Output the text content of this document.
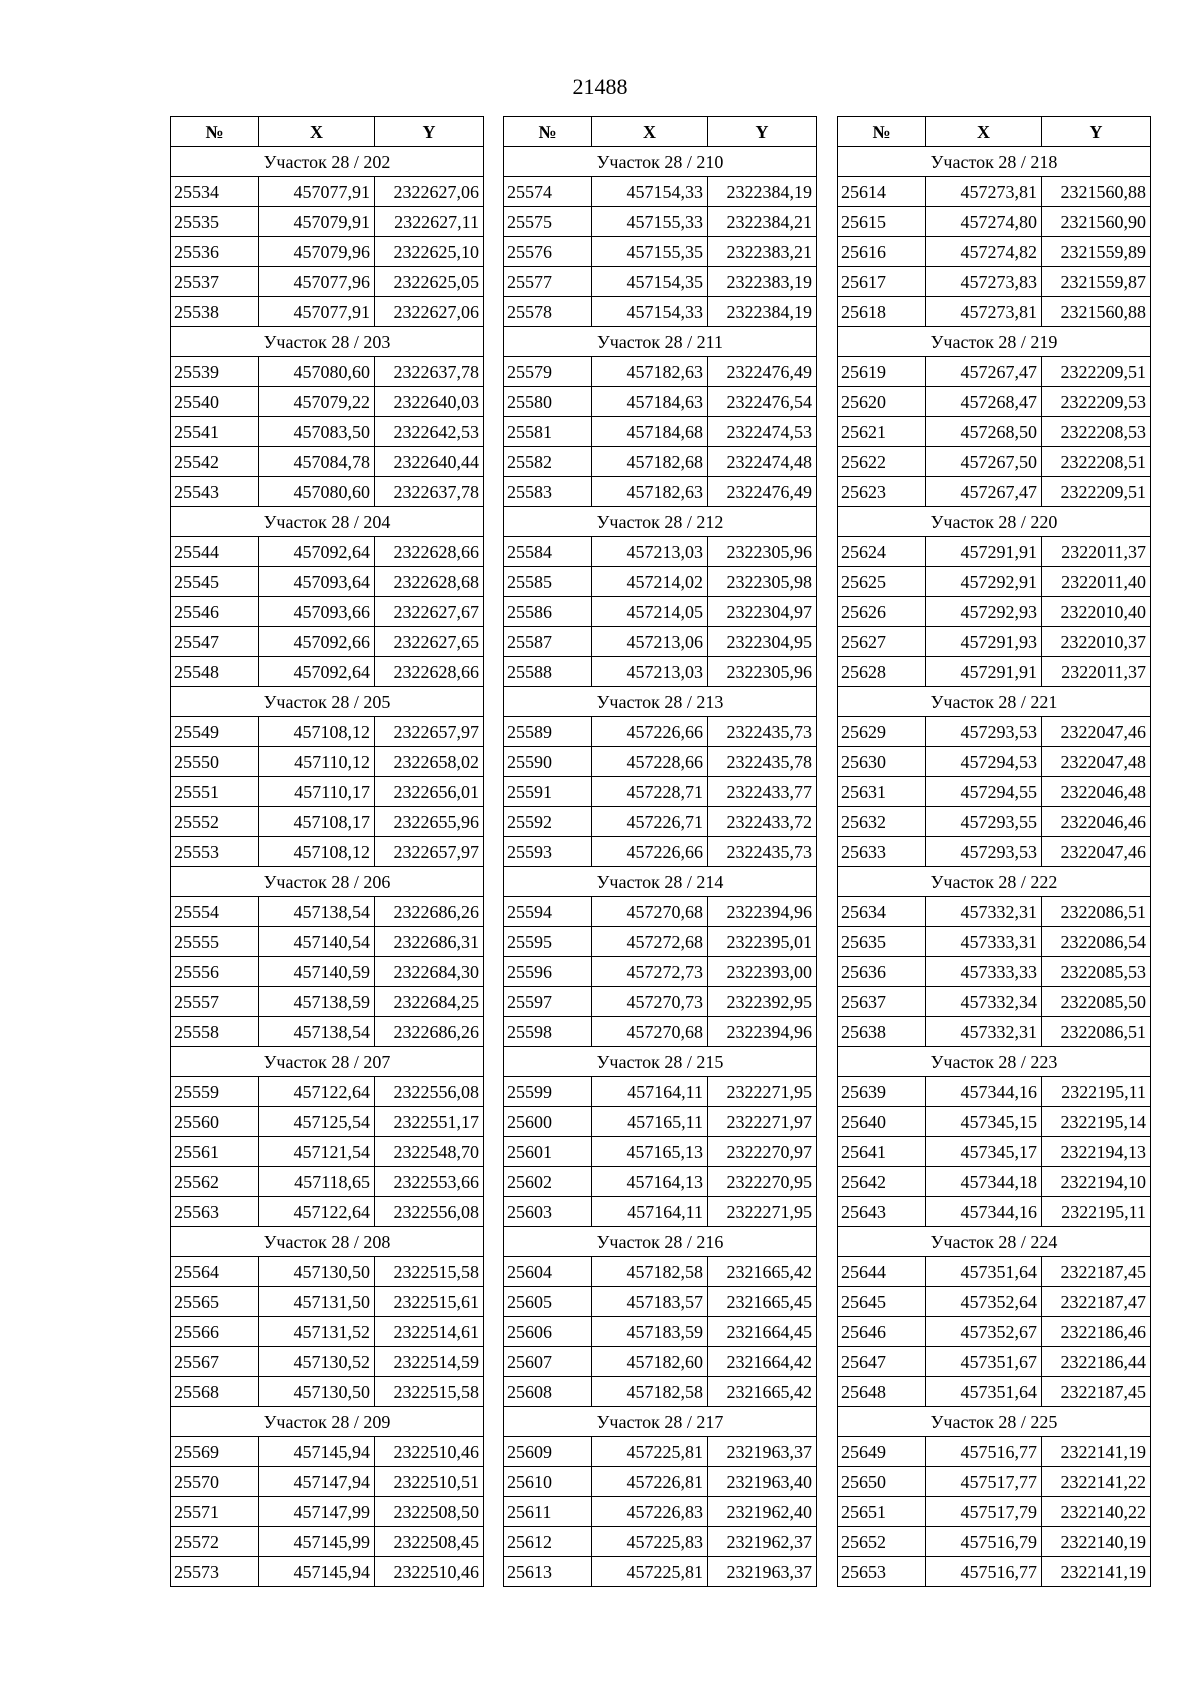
21488
№	X	Y
Участок 28 / 202		
25534	457077,91	2322627,06
25535	457079,91	2322627,11
25536	457079,96	2322625,10
25537	457077,96	2322625,05
25538	457077,91	2322627,06
Участок 28 / 203		
25539	457080,60	2322637,78
25540	457079,22	2322640,03
25541	457083,50	2322642,53
25542	457084,78	2322640,44
25543	457080,60	2322637,78
Участок 28 / 204		
25544	457092,64	2322628,66
25545	457093,64	2322628,68
25546	457093,66	2322627,67
25547	457092,66	2322627,65
25548	457092,64	2322628,66
Участок 28 / 205		
25549	457108,12	2322657,97
25550	457110,12	2322658,02
25551	457110,17	2322656,01
25552	457108,17	2322655,96
25553	457108,12	2322657,97
Участок 28 / 206		
25554	457138,54	2322686,26
25555	457140,54	2322686,31
25556	457140,59	2322684,30
25557	457138,59	2322684,25
25558	457138,54	2322686,26
Участок 28 / 207		
25559	457122,64	2322556,08
25560	457125,54	2322551,17
25561	457121,54	2322548,70
25562	457118,65	2322553,66
25563	457122,64	2322556,08
Участок 28 / 208		
25564	457130,50	2322515,58
25565	457131,50	2322515,61
25566	457131,52	2322514,61
25567	457130,52	2322514,59
25568	457130,50	2322515,58
Участок 28 / 209		
25569	457145,94	2322510,46
25570	457147,94	2322510,51
25571	457147,99	2322508,50
25572	457145,99	2322508,45
25573	457145,94	2322510,46
№	X	Y
Участок 28 / 210		
25574	457154,33	2322384,19
25575	457155,33	2322384,21
25576	457155,35	2322383,21
25577	457154,35	2322383,19
25578	457154,33	2322384,19
Участок 28 / 211		
25579	457182,63	2322476,49
25580	457184,63	2322476,54
25581	457184,68	2322474,53
25582	457182,68	2322474,48
25583	457182,63	2322476,49
Участок 28 / 212		
25584	457213,03	2322305,96
25585	457214,02	2322305,98
25586	457214,05	2322304,97
25587	457213,06	2322304,95
25588	457213,03	2322305,96
Участок 28 / 213		
25589	457226,66	2322435,73
25590	457228,66	2322435,78
25591	457228,71	2322433,77
25592	457226,71	2322433,72
25593	457226,66	2322435,73
Участок 28 / 214		
25594	457270,68	2322394,96
25595	457272,68	2322395,01
25596	457272,73	2322393,00
25597	457270,73	2322392,95
25598	457270,68	2322394,96
Участок 28 / 215		
25599	457164,11	2322271,95
25600	457165,11	2322271,97
25601	457165,13	2322270,97
25602	457164,13	2322270,95
25603	457164,11	2322271,95
Участок 28 / 216		
25604	457182,58	2321665,42
25605	457183,57	2321665,45
25606	457183,59	2321664,45
25607	457182,60	2321664,42
25608	457182,58	2321665,42
Участок 28 / 217		
25609	457225,81	2321963,37
25610	457226,81	2321963,40
25611	457226,83	2321962,40
25612	457225,83	2321962,37
25613	457225,81	2321963,37
№	X	Y
Участок 28 / 218		
25614	457273,81	2321560,88
25615	457274,80	2321560,90
25616	457274,82	2321559,89
25617	457273,83	2321559,87
25618	457273,81	2321560,88
Участок 28 / 219		
25619	457267,47	2322209,51
25620	457268,47	2322209,53
25621	457268,50	2322208,53
25622	457267,50	2322208,51
25623	457267,47	2322209,51
Участок 28 / 220		
25624	457291,91	2322011,37
25625	457292,91	2322011,40
25626	457292,93	2322010,40
25627	457291,93	2322010,37
25628	457291,91	2322011,37
Участок 28 / 221		
25629	457293,53	2322047,46
25630	457294,53	2322047,48
25631	457294,55	2322046,48
25632	457293,55	2322046,46
25633	457293,53	2322047,46
Участок 28 / 222		
25634	457332,31	2322086,51
25635	457333,31	2322086,54
25636	457333,33	2322085,53
25637	457332,34	2322085,50
25638	457332,31	2322086,51
Участок 28 / 223		
25639	457344,16	2322195,11
25640	457345,15	2322195,14
25641	457345,17	2322194,13
25642	457344,18	2322194,10
25643	457344,16	2322195,11
Участок 28 / 224		
25644	457351,64	2322187,45
25645	457352,64	2322187,47
25646	457352,67	2322186,46
25647	457351,67	2322186,44
25648	457351,64	2322187,45
Участок 28 / 225		
25649	457516,77	2322141,19
25650	457517,77	2322141,22
25651	457517,79	2322140,22
25652	457516,79	2322140,19
25653	457516,77	2322141,19
